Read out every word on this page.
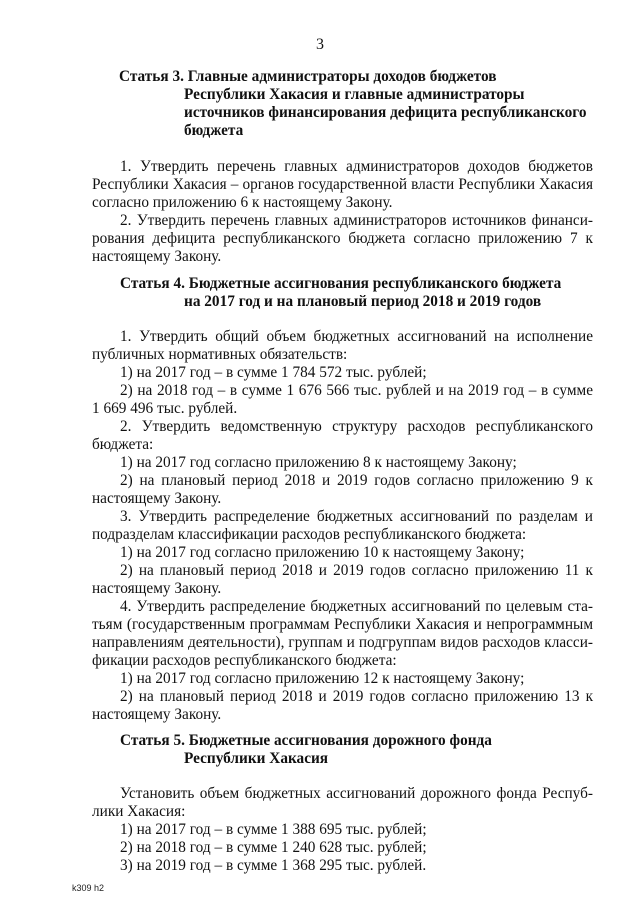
3
Статья 3. Главные администраторы доходов бюджетов
Республики Хакасия и главные администраторы
источников финансирования дефицита республиканского
бюджета
1. Утвердить перечень главных администраторов доходов бюджетов
Республики Хакасия – органов государственной власти Республики Хакасия
согласно приложению 6 к настоящему Закону.
2. Утвердить перечень главных администраторов источников финанси-
рования дефицита республиканского бюджета согласно приложению 7 к
настоящему Закону.
Статья 4. Бюджетные ассигнования республиканского бюджета
на 2017 год и на плановый период 2018 и 2019 годов
1. Утвердить общий объем бюджетных ассигнований на исполнение
публичных нормативных обязательств:
1) на 2017 год – в сумме 1 784 572 тыс. рублей;
2) на 2018 год – в сумме 1 676 566 тыс. рублей и на 2019 год – в сумме
1 669 496 тыс. рублей.
2. Утвердить ведомственную структуру расходов республиканского
бюджета:
1) на 2017 год согласно приложению 8 к настоящему Закону;
2) на плановый период 2018 и 2019 годов согласно приложению 9 к
настоящему Закону.
3. Утвердить распределение бюджетных ассигнований по разделам и
подразделам классификации расходов республиканского бюджета:
1) на 2017 год согласно приложению 10 к настоящему Закону;
2) на плановый период 2018 и 2019 годов согласно приложению 11 к
настоящему Закону.
4. Утвердить распределение бюджетных ассигнований по целевым ста-
тьям (государственным программам Республики Хакасия и непрограммным
направлениям деятельности), группам и подгруппам видов расходов класси-
фикации расходов республиканского бюджета:
1) на 2017 год согласно приложению 12 к настоящему Закону;
2) на плановый период 2018 и 2019 годов согласно приложению 13 к
настоящему Закону.
Статья 5. Бюджетные ассигнования дорожного фонда
Республики Хакасия
Установить объем бюджетных ассигнований дорожного фонда Респуб-
лики Хакасия:
1) на 2017 год – в сумме 1 388 695 тыс. рублей;
2) на 2018 год – в сумме 1 240 628 тыс. рублей;
3) на 2019 год – в сумме 1 368 295 тыс. рублей.
k309 h2
